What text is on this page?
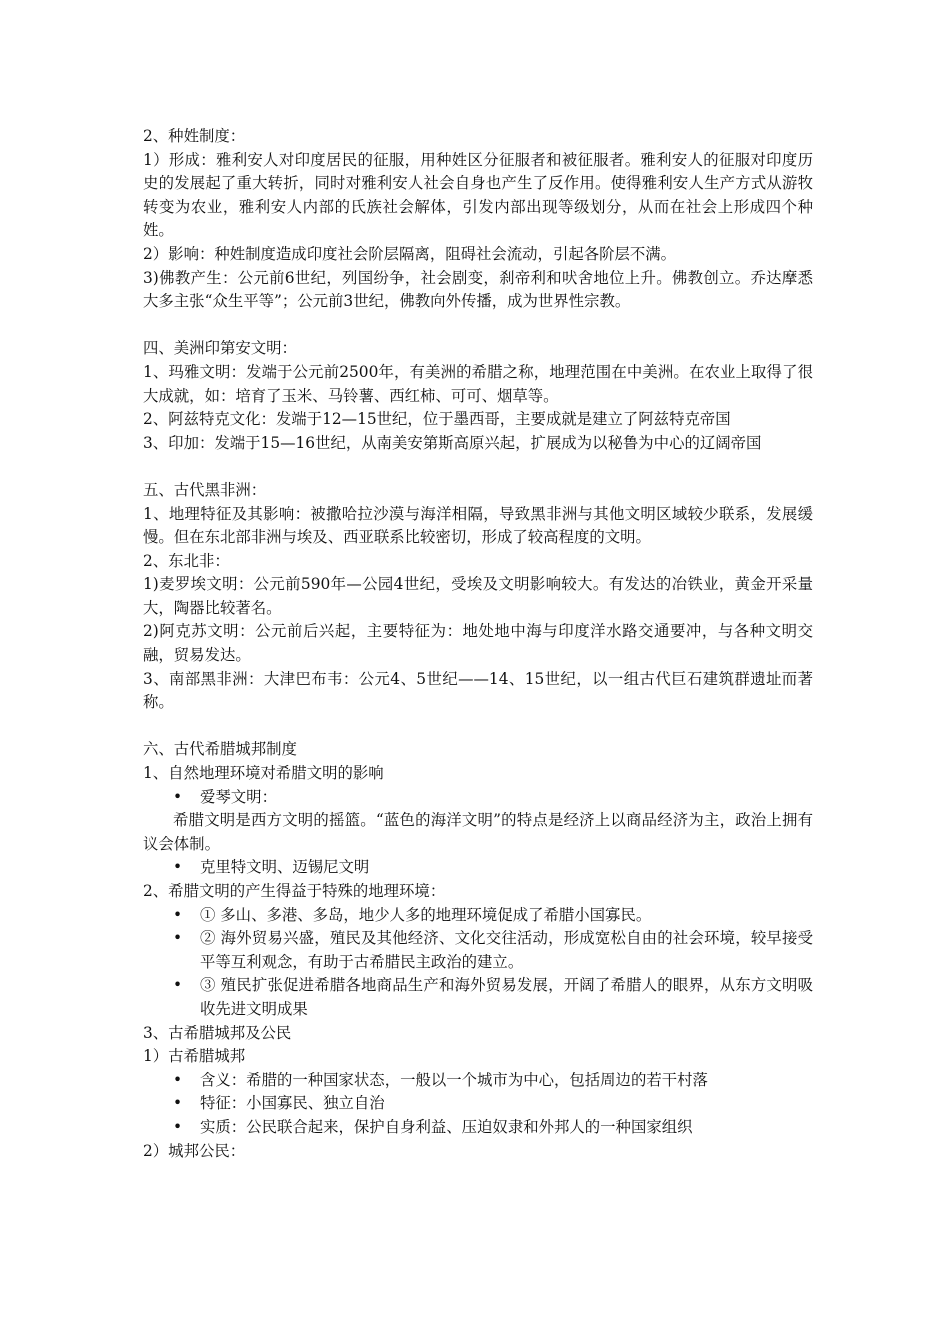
2、种姓制度：
1）形成：雅利安人对印度居民的征服，用种姓区分征服者和被征服者。雅利安人的征服对印度历史的发展起了重大转折，同时对雅利安人社会自身也产生了反作用。使得雅利安人生产方式从游牧转变为农业，雅利安人内部的氏族社会解体，引发内部出现等级划分，从而在社会上形成四个种姓。
2）影响：种姓制度造成印度社会阶层隔离，阻碍社会流动，引起各阶层不满。
3)佛教产生：公元前6世纪，列国纷争，社会剧变，刹帝利和吠舍地位上升。佛教创立。乔达摩悉大多主张“众生平等”；公元前3世纪，佛教向外传播，成为世界性宗教。
四、美洲印第安文明：
1、玛雅文明：发端于公元前2500年，有美洲的希腊之称，地理范围在中美洲。在农业上取得了很大成就，如：培育了玉米、马铃薯、西红柿、可可、烟草等。
2、阿兹特克文化：发端于12—15世纪，位于墨西哥，主要成就是建立了阿兹特克帝国
3、印加：发端于15—16世纪，从南美安第斯高原兴起，扩展成为以秘鲁为中心的辽阔帝国
五、古代黑非洲：
1、地理特征及其影响：被撒哈拉沙漠与海洋相隔，导致黑非洲与其他文明区域较少联系，发展缓慢。但在东北部非洲与埃及、西亚联系比较密切，形成了较高程度的文明。
2、东北非：
1)麦罗埃文明：公元前590年—公园4世纪，受埃及文明影响较大。有发达的冶铁业，黄金开采量大，陶器比较著名。
2)阿克苏文明：公元前后兴起，主要特征为：地处地中海与印度洋水路交通要冲，与各种文明交融，贸易发达。
3、南部黑非洲：大津巴布韦：公元4、5世纪——14、15世纪，以一组古代巨石建筑群遗址而著称。
六、古代希腊城邦制度
1、自然地理环境对希腊文明的影响
• 爱琴文明：
希腊文明是西方文明的摇篮。“蓝色的海洋文明”的特点是经济上以商品经济为主，政治上拥有议会体制。
• 克里特文明、迈锡尼文明
2、希腊文明的产生得益于特殊的地理环境：
• ① 多山、多港、多岛，地少人多的地理环境促成了希腊小国寡民。
• ② 海外贸易兴盛，殖民及其他经济、文化交往活动，形成宽松自由的社会环境，较早接受平等互利观念，有助于古希腊民主政治的建立。
• ③ 殖民扩张促进希腊各地商品生产和海外贸易发展，开阔了希腊人的眼界，从东方文明吸收先进文明成果
3、古希腊城邦及公民
1）古希腊城邦
• 含义：希腊的一种国家状态，一般以一个城市为中心，包括周边的若干村落
• 特征：小国寡民、独立自治
• 实质：公民联合起来，保护自身利益、压迫奴隶和外邦人的一种国家组织
2）城邦公民：
